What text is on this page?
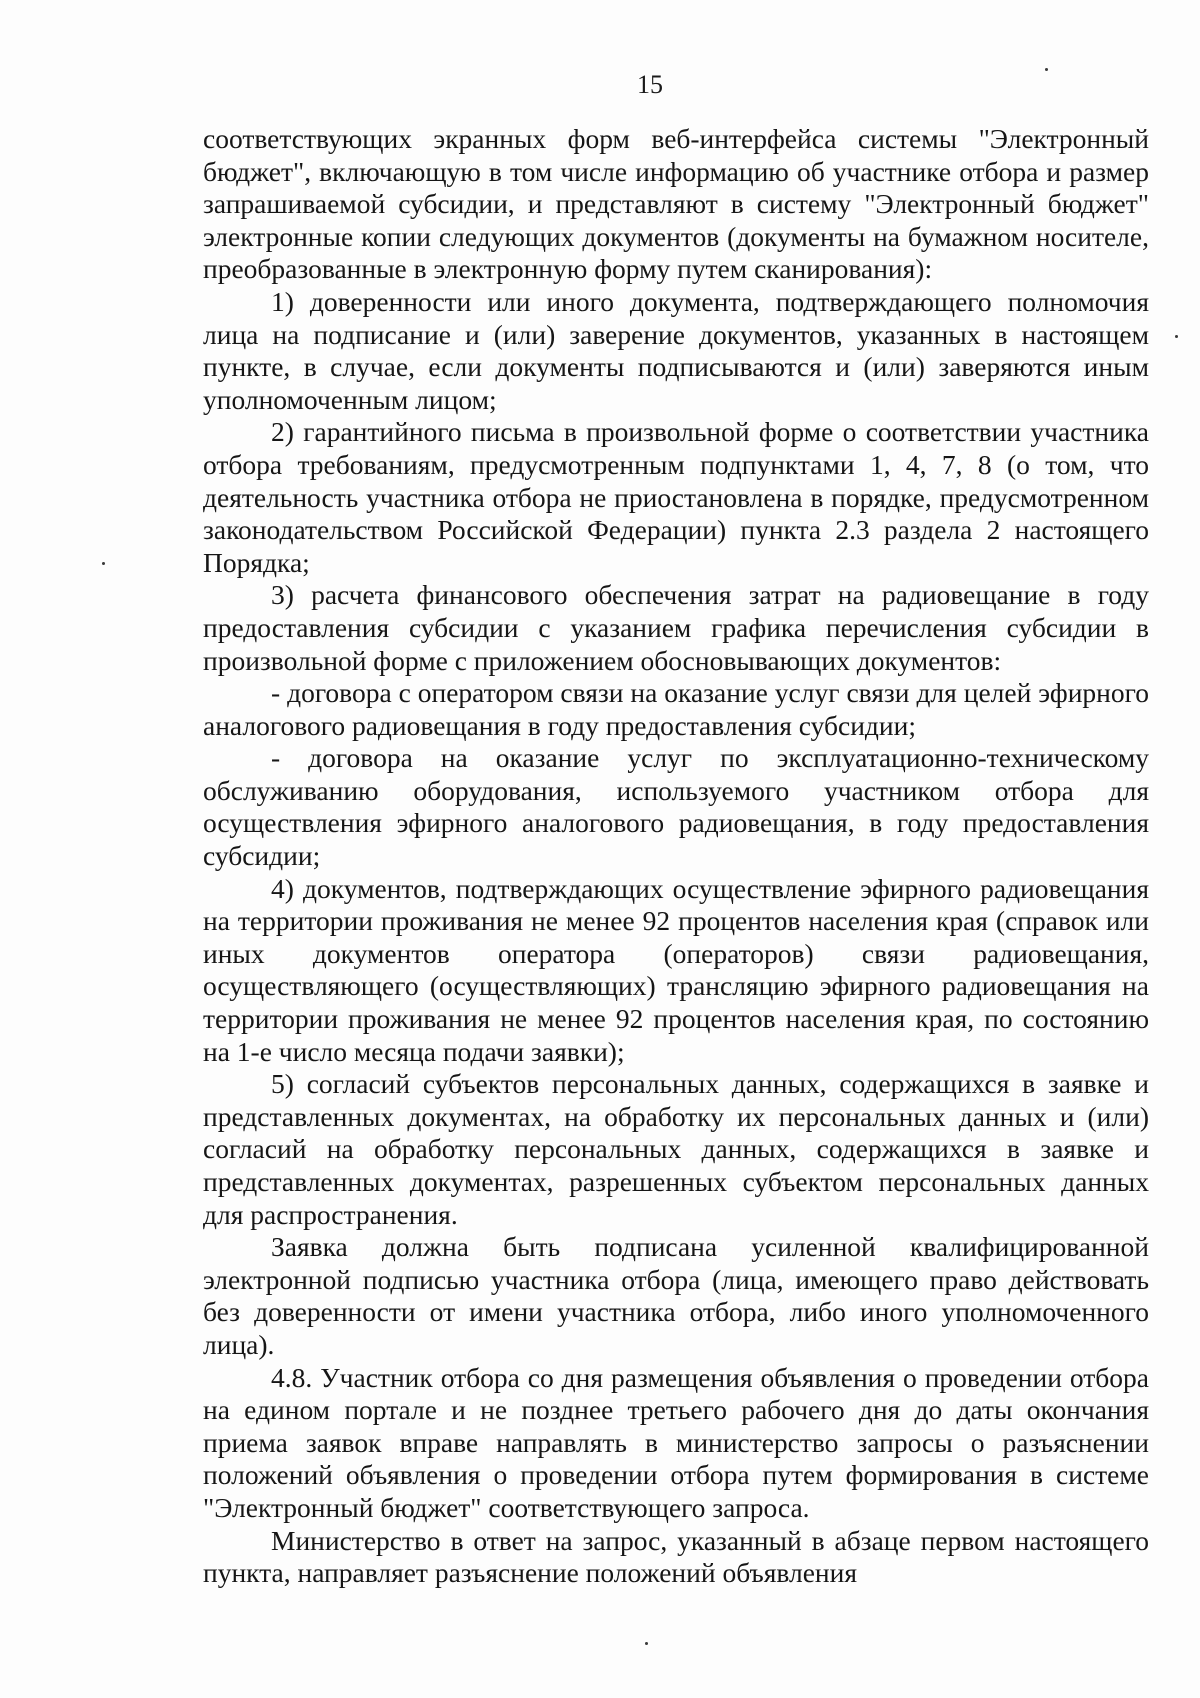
15

соответствующих экранных форм веб-интерфейса системы "Электронный бюджет", включающую в том числе информацию об участнике отбора и размер запрашиваемой субсидии, и представляют в систему "Электронный бюджет" электронные копии следующих документов (документы на бумажном носителе, преобразованные в электронную форму путем сканирования):

1) доверенности или иного документа, подтверждающего полномочия лица на подписание и (или) заверение документов, указанных в настоящем пункте, в случае, если документы подписываются и (или) заверяются иным уполномоченным лицом;

2) гарантийного письма в произвольной форме о соответствии участника отбора требованиям, предусмотренным подпунктами 1, 4, 7, 8 (о том, что деятельность участника отбора не приостановлена в порядке, предусмотренном законодательством Российской Федерации) пункта 2.3 раздела 2 настоящего Порядка;

3) расчета финансового обеспечения затрат на радиовещание в году предоставления субсидии с указанием графика перечисления субсидии в произвольной форме с приложением обосновывающих документов:

- договора с оператором связи на оказание услуг связи для целей эфирного аналогового радиовещания в году предоставления субсидии;

- договора на оказание услуг по эксплуатационно-техническому обслуживанию оборудования, используемого участником отбора для осуществления эфирного аналогового радиовещания, в году предоставления субсидии;

4) документов, подтверждающих осуществление эфирного радиовещания на территории проживания не менее 92 процентов населения края (справок или иных документов оператора (операторов) связи радиовещания, осуществляющего (осуществляющих) трансляцию эфирного радиовещания на территории проживания не менее 92 процентов населения края, по состоянию на 1-е число месяца подачи заявки);

5) согласий субъектов персональных данных, содержащихся в заявке и представленных документах, на обработку их персональных данных и (или) согласий на обработку персональных данных, содержащихся в заявке и представленных документах, разрешенных субъектом персональных данных для распространения.

Заявка должна быть подписана усиленной квалифицированной электронной подписью участника отбора (лица, имеющего право действовать без доверенности от имени участника отбора, либо иного уполномоченного лица).

4.8. Участник отбора со дня размещения объявления о проведении отбора на едином портале и не позднее третьего рабочего дня до даты окончания приема заявок вправе направлять в министерство запросы о разъяснении положений объявления о проведении отбора путем формирования в системе "Электронный бюджет" соответствующего запроса.

Министерство в ответ на запрос, указанный в абзаце первом настоящего пункта, направляет разъяснение положений объявления
